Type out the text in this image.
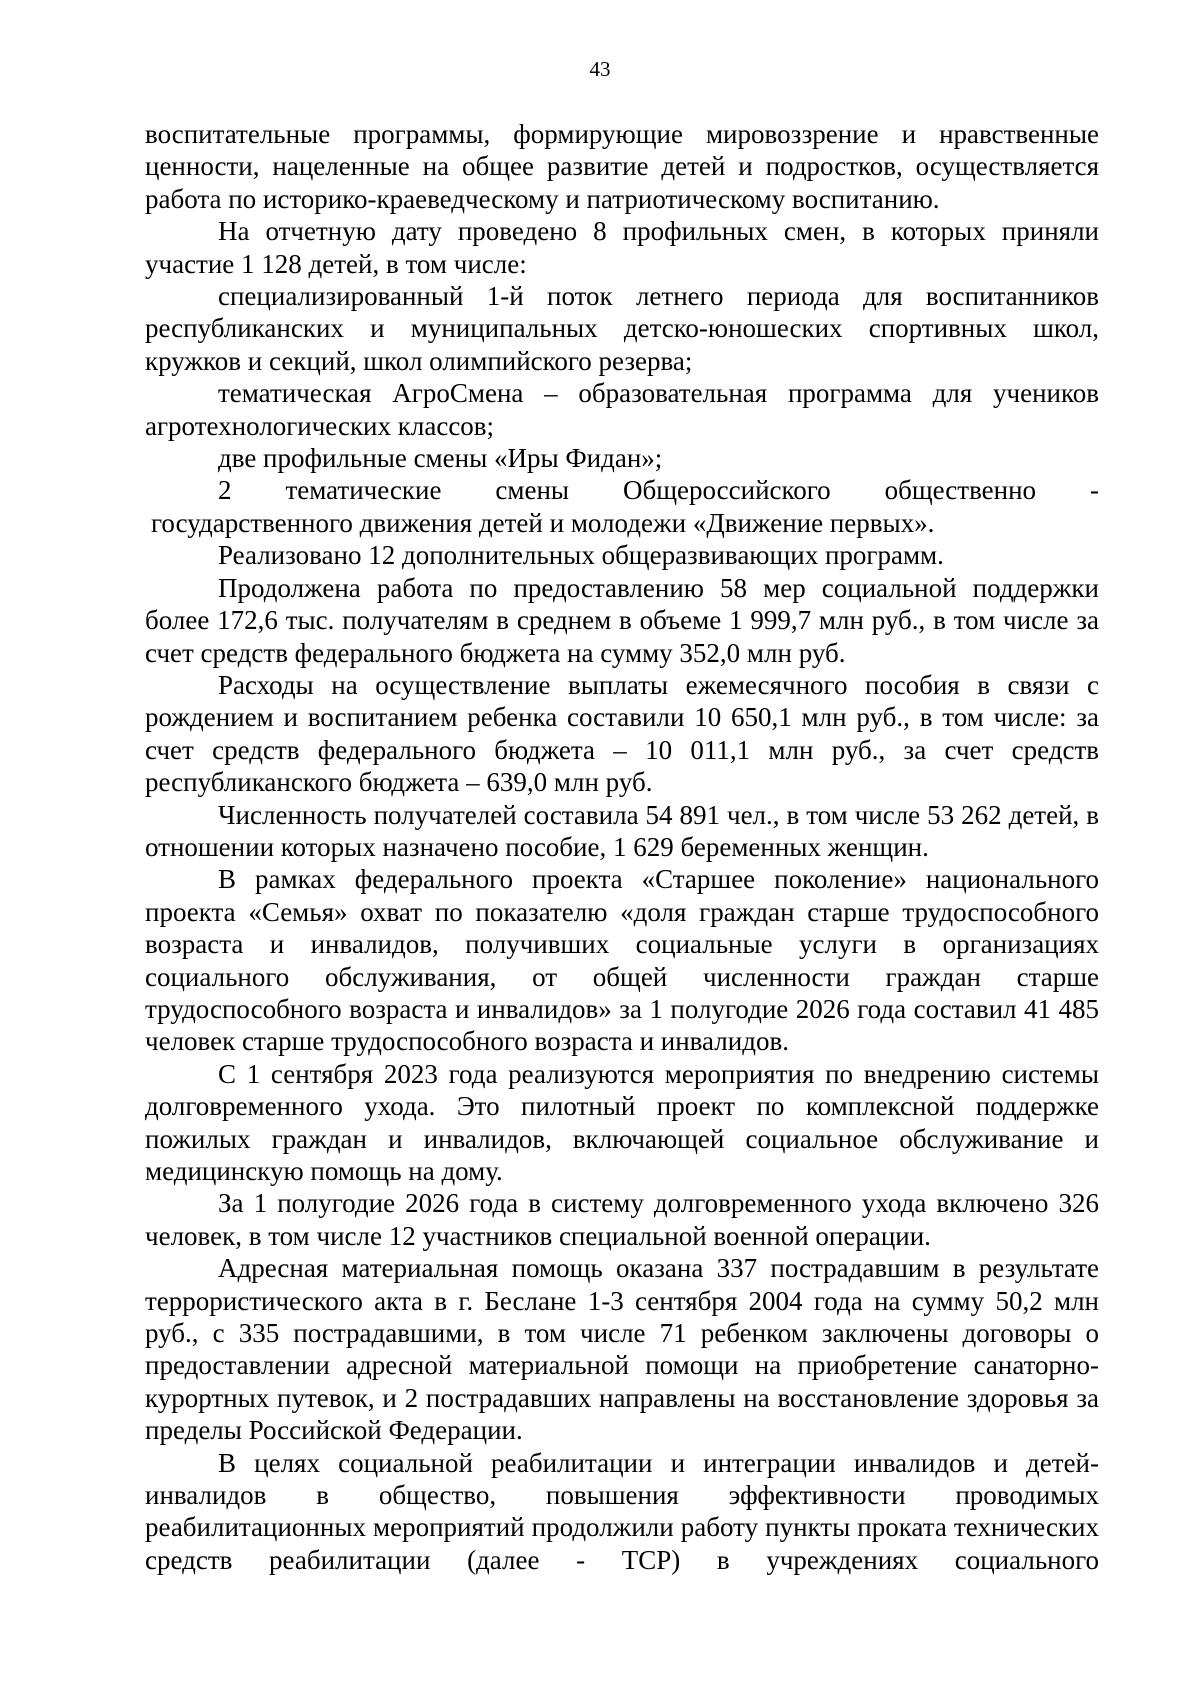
43

воспитательные программы, формирующие мировоззрение и нравственные ценности, нацеленные на общее развитие детей и подростков, осуществляется работа по историко-краеведческому и патриотическому воспитанию.

На отчетную дату проведено 8 профильных смен, в которых приняли участие 1 128 детей, в том числе:

специализированный 1-й поток летнего периода для воспитанников республиканских и муниципальных детско-юношеских спортивных школ, кружков и секций, школ олимпийского резерва;

тематическая АгроСмена – образовательная программа для учеников агротехнологических классов;

две профильные смены «Иры Фидан»;

2 тематические смены Общероссийского общественно -

государственного движения детей и молодежи «Движение первых».

Реализовано 12 дополнительных общеразвивающих программ.

Продолжена работа по предоставлению 58 мер социальной поддержки более 172,6 тыс. получателям в среднем в объеме 1 999,7 млн руб., в том числе за счет средств федерального бюджета на сумму 352,0 млн руб.

Расходы на осуществление выплаты ежемесячного пособия в связи с рождением и воспитанием ребенка составили 10 650,1 млн руб., в том числе: за счет средств федерального бюджета – 10 011,1 млн руб., за счет средств республиканского бюджета – 639,0 млн руб.

Численность получателей составила 54 891 чел., в том числе 53 262 детей, в отношении которых назначено пособие, 1 629 беременных женщин.

В рамках федерального проекта «Старшее поколение» национального проекта «Семья» охват по показателю «доля граждан старше трудоспособного возраста и инвалидов, получивших социальные услуги в организациях социального обслуживания, от общей численности граждан старше трудоспособного возраста и инвалидов» за 1 полугодие 2026 года составил 41 485 человек старше трудоспособного возраста и инвалидов.

С 1 сентября 2023 года реализуются мероприятия по внедрению системы долговременного ухода. Это пилотный проект по комплексной поддержке пожилых граждан и инвалидов, включающей социальное обслуживание и медицинскую помощь на дому.

За 1 полугодие 2026 года в систему долговременного ухода включено 326 человек, в том числе 12 участников специальной военной операции.

Адресная материальная помощь оказана 337 пострадавшим в результате террористического акта в г. Беслане 1-3 сентября 2004 года на сумму 50,2 млн руб., с 335 пострадавшими, в том числе 71 ребенком заключены договоры о предоставлении адресной материальной помощи на приобретение санаторно-курортных путевок, и 2 пострадавших направлены на восстановление здоровья за пределы Российской Федерации.

В целях социальной реабилитации и интеграции инвалидов и детей-инвалидов в общество, повышения эффективности проводимых реабилитационных мероприятий продолжили работу пункты проката технических средств реабилитации (далее - ТСР) в учреждениях социального
